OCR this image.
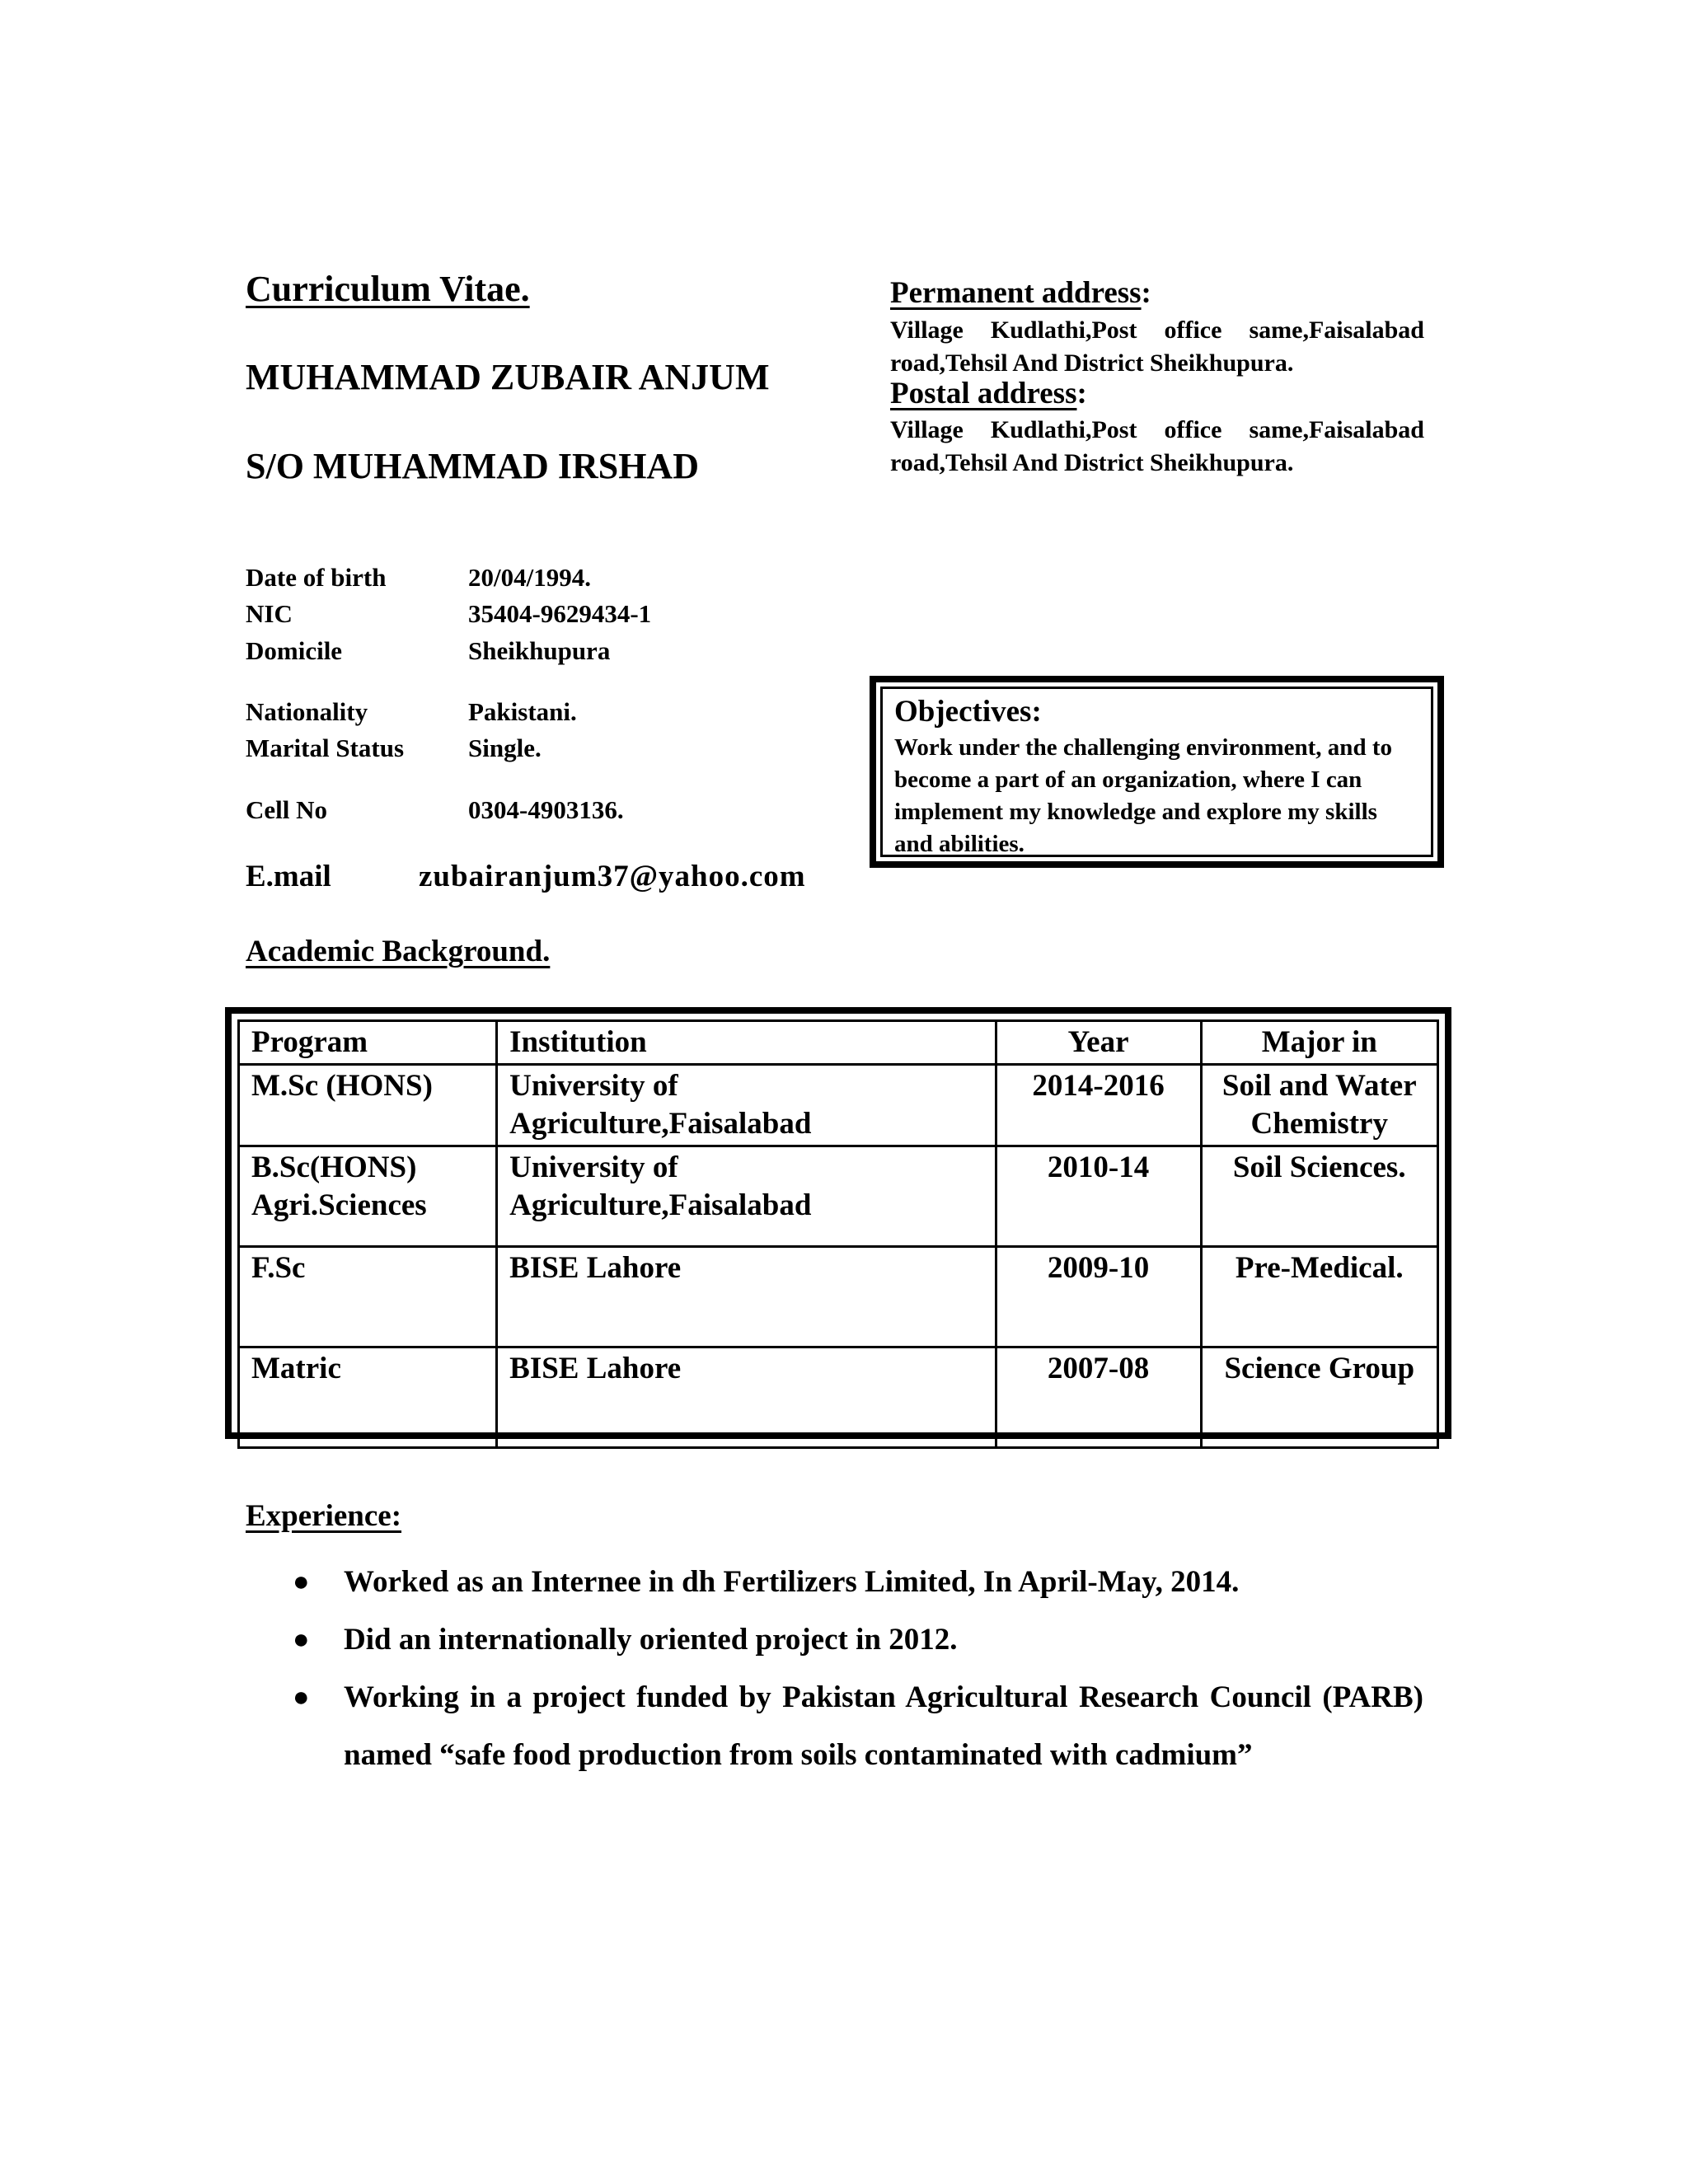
Curriculum Vitae.
MUHAMMAD ZUBAIR ANJUM
S/O MUHAMMAD IRSHAD
Permanent address:
Village Kudlathi,Post office same,Faisalabad road,Tehsil And District Sheikhupura.
Postal address:
Village Kudlathi,Post office same,Faisalabad road,Tehsil And District Sheikhupura.
Date of birth	20/04/1994.
NIC	35404-9629434-1
Domicile	Sheikhupura
Nationality	Pakistani.
Marital Status	Single.
Cell No	0304-4903136.
E.mail	zubairanjum37@yahoo.com
Objectives:
Work under the challenging environment, and to become a part of an organization, where I can implement my knowledge and explore my skills and abilities.
Academic Background.
Program	Institution	Year	Major in
M.Sc (HONS)	University of Agriculture,Faisalabad	2014-2016	Soil and Water Chemistry
B.Sc(HONS) Agri.Sciences	University of Agriculture,Faisalabad	2010-14	Soil Sciences.
F.Sc	BISE Lahore	2009-10	Pre-Medical.
Matric	BISE Lahore	2007-08	Science Group
Experience:
● Worked as an Internee in dh Fertilizers Limited, In April-May, 2014.
● Did an internationally oriented project in 2012.
● Working in a project funded by Pakistan Agricultural Research Council (PARB) named “safe food production from soils contaminated with cadmium”
